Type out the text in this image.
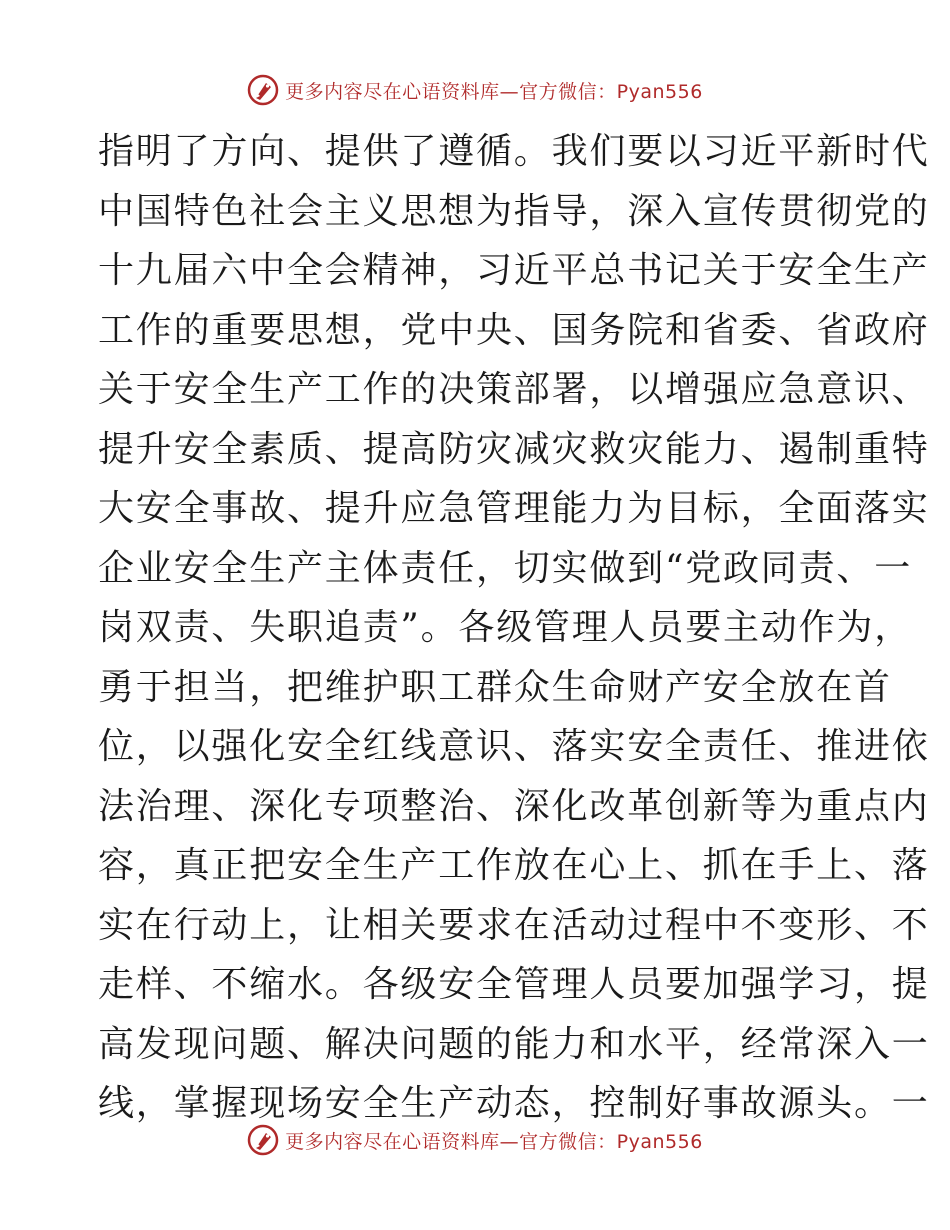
更多内容尽在心语资料库—官方微信：Pyan556
指明了方向、提供了遵循。我们要以习近平新时代
中国特色社会主义思想为指导，深入宣传贯彻党的
十九届六中全会精神，习近平总书记关于安全生产
工作的重要思想，党中央、国务院和省委、省政府
关于安全生产工作的决策部署，以增强应急意识、
提升安全素质、提高防灾减灾救灾能力、遏制重特
大安全事故、提升应急管理能力为目标，全面落实
企业安全生产主体责任，切实做到“党政同责、一
岗双责、失职追责”。各级管理人员要主动作为，
勇于担当，把维护职工群众生命财产安全放在首
位，以强化安全红线意识、落实安全责任、推进依
法治理、深化专项整治、深化改革创新等为重点内
容，真正把安全生产工作放在心上、抓在手上、落
实在行动上，让相关要求在活动过程中不变形、不
走样、不缩水。各级安全管理人员要加强学习，提
高发现问题、解决问题的能力和水平，经常深入一
线，掌握现场安全生产动态，控制好事故源头。一
更多内容尽在心语资料库—官方微信：Pyan556
